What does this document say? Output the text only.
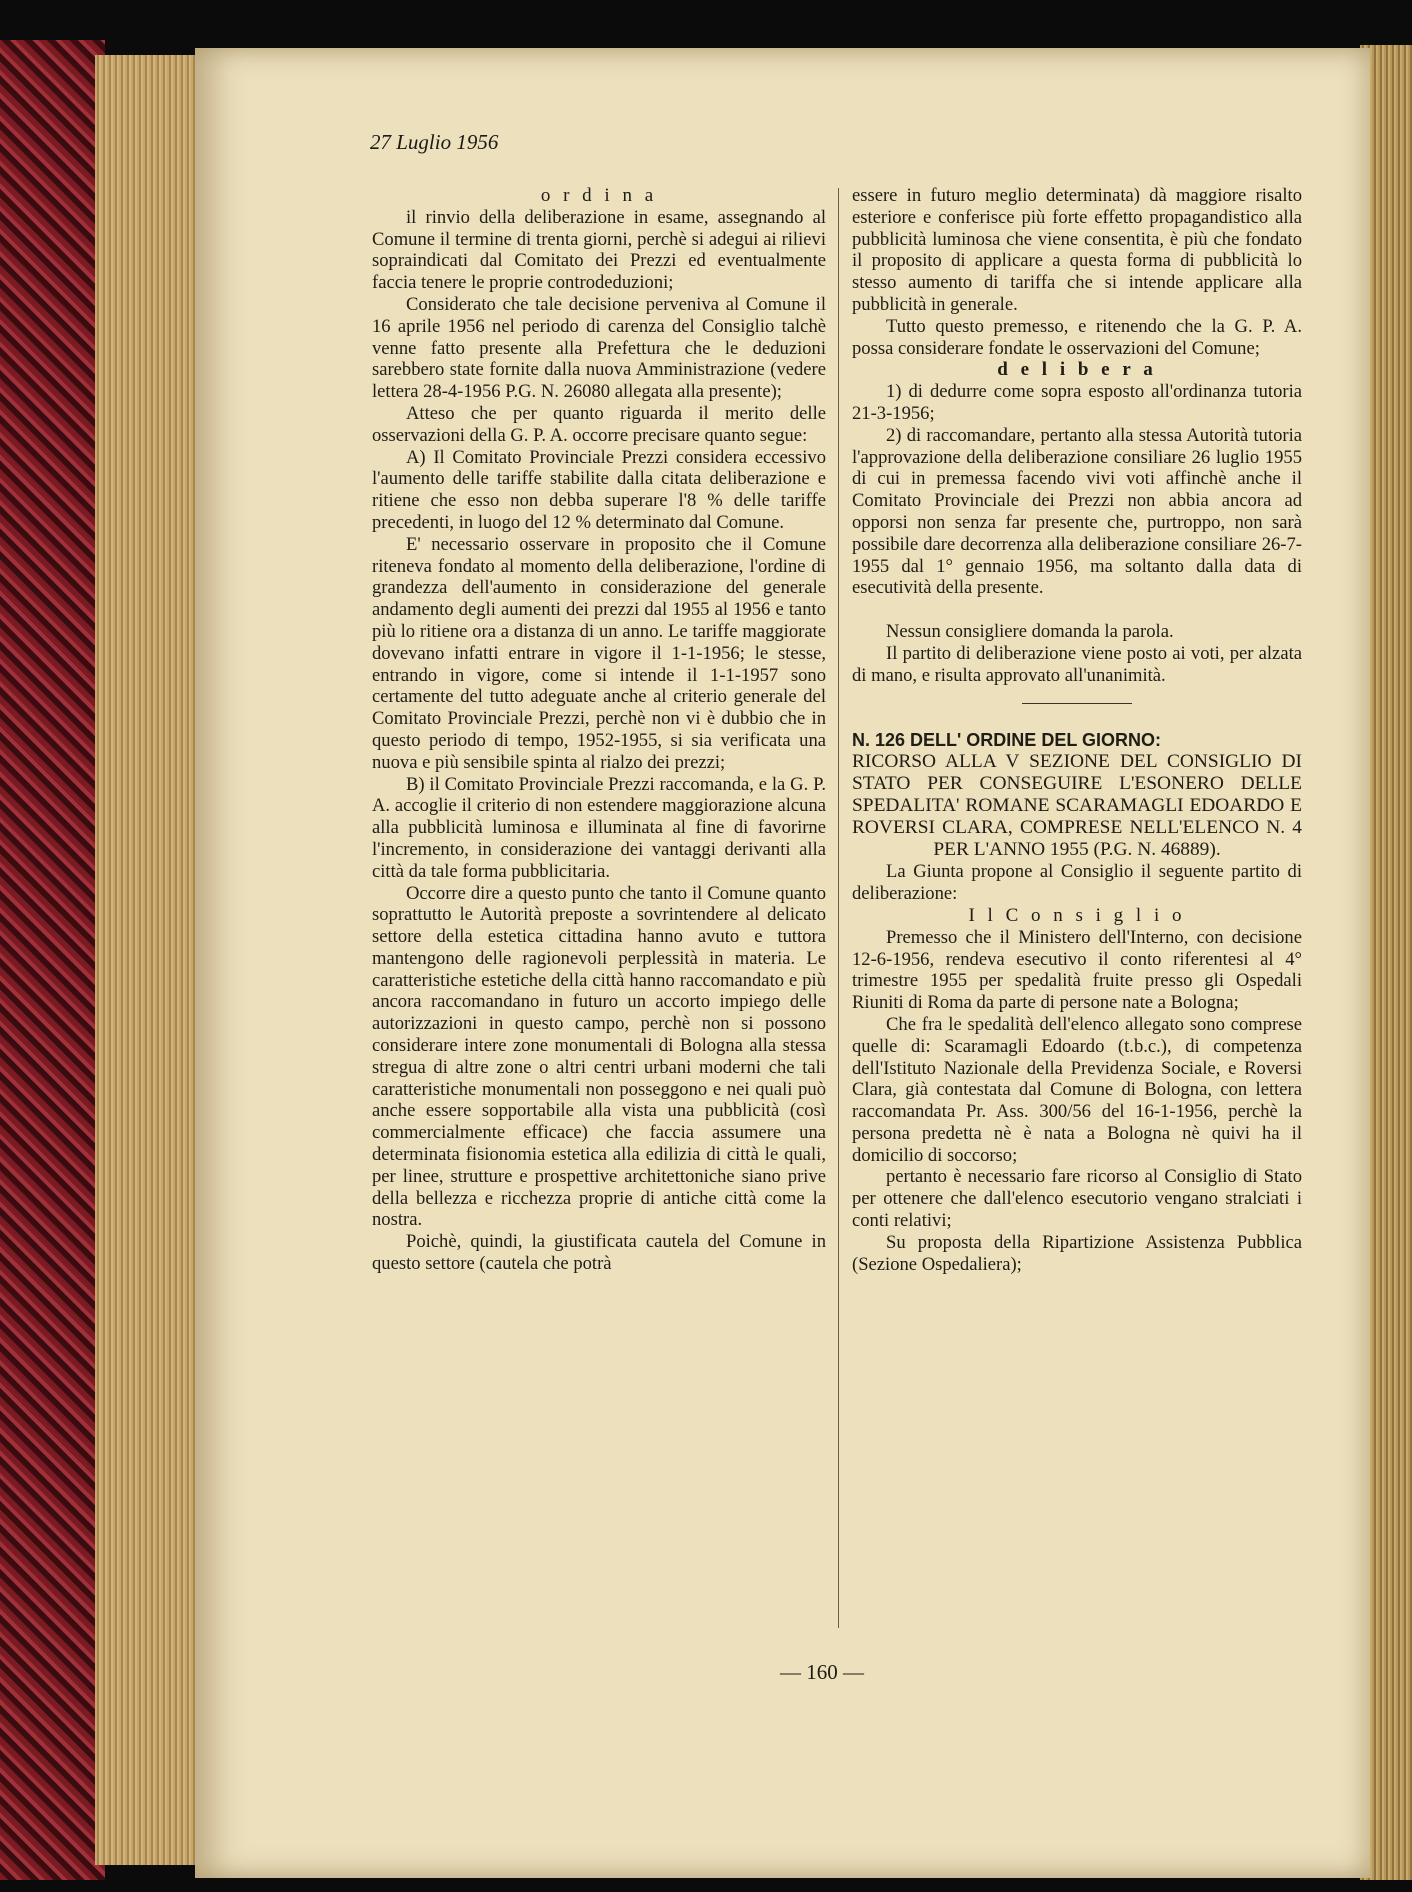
27 Luglio 1956

o r d i n a

il rinvio della deliberazione in esame, assegnando al Comune il termine di trenta giorni, perchè si adegui ai rilievi sopraindicati dal Comitato dei Prezzi ed eventualmente faccia tenere le proprie controdeduzioni;

Considerato che tale decisione perveniva al Comune il 16 aprile 1956 nel periodo di carenza del Consiglio talchè venne fatto presente alla Prefettura che le deduzioni sarebbero state fornite dalla nuova Amministrazione (vedere lettera 28-4-1956 P.G. N. 26080 allegata alla presente);

Atteso che per quanto riguarda il merito delle osservazioni della G. P. A. occorre precisare quanto segue:

A) Il Comitato Provinciale Prezzi considera eccessivo l'aumento delle tariffe stabilite dalla citata deliberazione e ritiene che esso non debba superare l'8 % delle tariffe precedenti, in luogo del 12 % determinato dal Comune.

E' necessario osservare in proposito che il Comune riteneva fondato al momento della deliberazione, l'ordine di grandezza dell'aumento in considerazione del generale andamento degli aumenti dei prezzi dal 1955 al 1956 e tanto più lo ritiene ora a distanza di un anno. Le tariffe maggiorate dovevano infatti entrare in vigore il 1-1-1956; le stesse, entrando in vigore, come si intende il 1-1-1957 sono certamente del tutto adeguate anche al criterio generale del Comitato Provinciale Prezzi, perchè non vi è dubbio che in questo periodo di tempo, 1952-1955, si sia verificata una nuova e più sensibile spinta al rialzo dei prezzi;

B) il Comitato Provinciale Prezzi raccomanda, e la G. P. A. accoglie il criterio di non estendere maggiorazione alcuna alla pubblicità luminosa e illuminata al fine di favorirne l'incremento, in considerazione dei vantaggi derivanti alla città da tale forma pubblicitaria.

Occorre dire a questo punto che tanto il Comune quanto soprattutto le Autorità preposte a sovrintendere al delicato settore della estetica cittadina hanno avuto e tuttora mantengono delle ragionevoli perplessità in materia. Le caratteristiche estetiche della città hanno raccomandato e più ancora raccomandano in futuro un accorto impiego delle autorizzazioni in questo campo, perchè non si possono considerare intere zone monumentali di Bologna alla stessa stregua di altre zone o altri centri urbani moderni che tali caratteristiche monumentali non posseggono e nei quali può anche essere sopportabile alla vista una pubblicità (così commercialmente efficace) che faccia assumere una determinata fisionomia estetica alla edilizia di città le quali, per linee, strutture e prospettive architettoniche siano prive della bellezza e ricchezza proprie di antiche città come la nostra.

Poichè, quindi, la giustificata cautela del Comune in questo settore (cautela che potrà

essere in futuro meglio determinata) dà maggiore risalto esteriore e conferisce più forte effetto propagandistico alla pubblicità luminosa che viene consentita, è più che fondato il proposito di applicare a questa forma di pubblicità lo stesso aumento di tariffa che si intende applicare alla pubblicità in generale.

Tutto questo premesso, e ritenendo che la G. P. A. possa considerare fondate le osservazioni del Comune;

d e l i b e r a

1) di dedurre come sopra esposto all'ordinanza tutoria 21-3-1956;

2) di raccomandare, pertanto alla stessa Autorità tutoria l'approvazione della deliberazione consiliare 26 luglio 1955 di cui in premessa facendo vivi voti affinchè anche il Comitato Provinciale dei Prezzi non abbia ancora ad opporsi non senza far presente che, purtroppo, non sarà possibile dare decorrenza alla deliberazione consiliare 26-7-1955 dal 1° gennaio 1956, ma soltanto dalla data di esecutività della presente.

Nessun consigliere domanda la parola.

Il partito di deliberazione viene posto ai voti, per alzata di mano, e risulta approvato all'unanimità.

N. 126 DELL' ORDINE DEL GIORNO:

RICORSO ALLA V SEZIONE DEL CONSIGLIO DI STATO PER CONSEGUIRE L'ESONERO DELLE SPEDALITA' ROMANE SCARAMAGLI EDOARDO E ROVERSI CLARA, COMPRESE NELL'ELENCO N. 4 PER L'ANNO 1955 (P.G. N. 46889).

La Giunta propone al Consiglio il seguente partito di deliberazione:

I l C o n s i g l i o

Premesso che il Ministero dell'Interno, con decisione 12-6-1956, rendeva esecutivo il conto riferentesi al 4° trimestre 1955 per spedalità fruite presso gli Ospedali Riuniti di Roma da parte di persone nate a Bologna;

Che fra le spedalità dell'elenco allegato sono comprese quelle di: Scaramagli Edoardo (t.b.c.), di competenza dell'Istituto Nazionale della Previdenza Sociale, e Roversi Clara, già contestata dal Comune di Bologna, con lettera raccomandata Pr. Ass. 300/56 del 16-1-1956, perchè la persona predetta nè è nata a Bologna nè quivi ha il domicilio di soccorso;

pertanto è necessario fare ricorso al Consiglio di Stato per ottenere che dall'elenco esecutorio vengano stralciati i conti relativi;

Su proposta della Ripartizione Assistenza Pubblica (Sezione Ospedaliera);

— 160 —
